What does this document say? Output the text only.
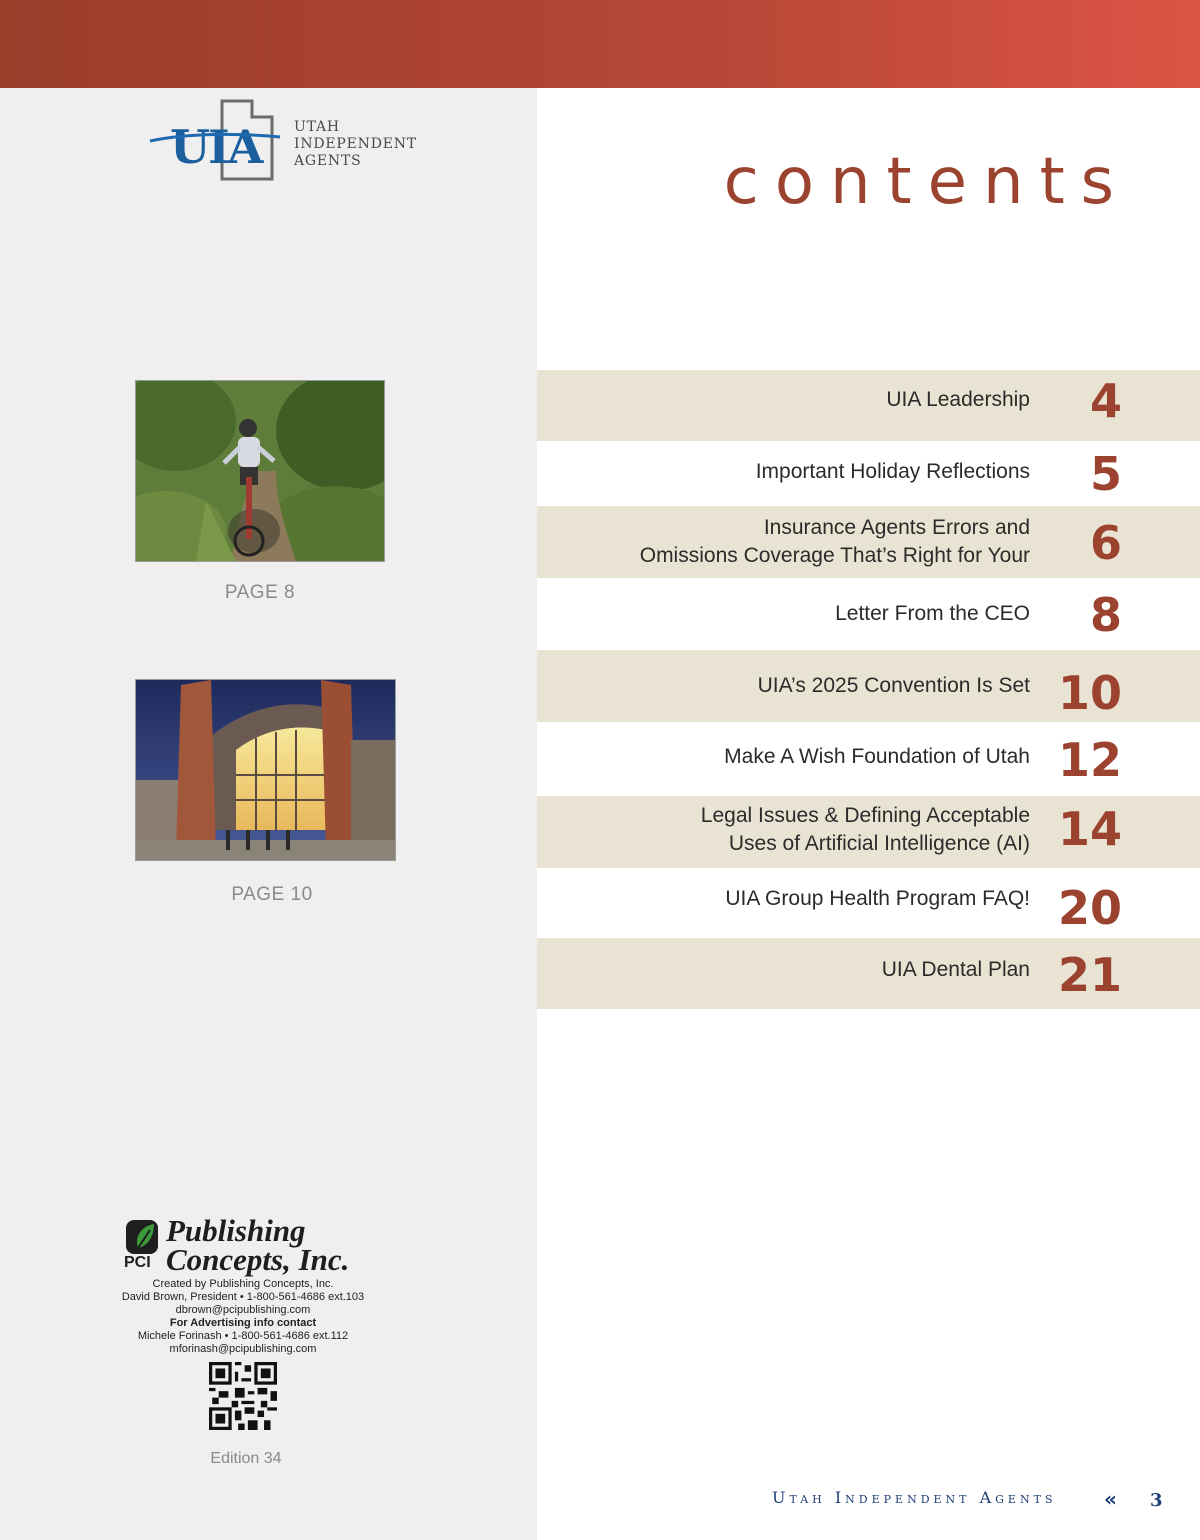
UIA UTAH
INDEPENDENT
AGENTS
PAGE 8
PAGE 10
PCI
Publishing
Concepts, Inc.
Created by Publishing Concepts, Inc.
David Brown, President • 1-800-561-4686 ext.103
dbrown@pcipublishing.com
For Advertising info contact
Michele Forinash • 1-800-561-4686 ext.112
mforinash@pcipublishing.com
Edition 34
contents
UIA Leadership 4
Important Holiday Reflections 5
Insurance Agents Errors and
Omissions Coverage That’s Right for Your 6
Letter From the CEO 8
UIA’s 2025 Convention Is Set 10
Make A Wish Foundation of Utah 12
Legal Issues & Defining Acceptable
Uses of Artificial Intelligence (AI) 14
UIA Group Health Program FAQ! 20
UIA Dental Plan 21
Utah Independent Agents « 3
